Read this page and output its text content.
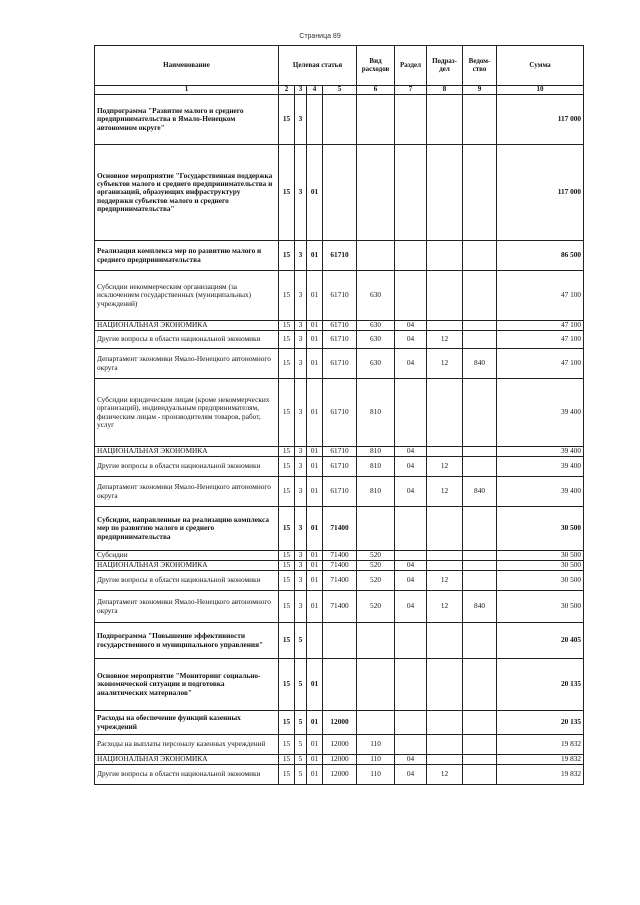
Страница 89
Наименование	Целевая статья				Вид расходов	Раздел	Подраз-дел	Ведом-ство	Сумма
1	2	3	4	5	6	7	8	9	10
Подпрограмма "Развитие малого и среднего предпринимательства в Ямало-Ненецком автономном округе"	15	3							117 000
Основное мероприятие "Государственная поддержка субъектов малого и среднего предпринимательства и организаций, образующих инфраструктуру поддержки субъектов малого и среднего предпринимательства"	15	3	01						117 000
Реализация комплекса мер по развитию малого и среднего предпринимательства	15	3	01	61710					86 500
Субсидии некоммерческим организациям (за исключением государственных (муниципальных) учреждений)	15	3	01	61710	630				47 100
НАЦИОНАЛЬНАЯ ЭКОНОМИКА	15	3	01	61710	630	04			47 100
Другие вопросы в области национальной экономики	15	3	01	61710	630	04	12		47 100
Департамент экономики Ямало-Ненецкого автономного округа	15	3	01	61710	630	04	12	840	47 100
Субсидии юридическим лицам (кроме некоммерческих организаций), индивидуальным предпринимателям, физическим лицам - производителям товаров, работ, услуг	15	3	01	61710	810				39 400
НАЦИОНАЛЬНАЯ ЭКОНОМИКА	15	3	01	61710	810	04			39 400
Другие вопросы в области национальной экономики	15	3	01	61710	810	04	12		39 400
Департамент экономики Ямало-Ненецкого автономного округа	15	3	01	61710	810	04	12	840	39 400
Субсидии, направленные на реализацию комплекса мер по развитию малого и среднего предпринимательства	15	3	01	71400					30 500
Субсидии	15	3	01	71400	520				30 500
НАЦИОНАЛЬНАЯ ЭКОНОМИКА	15	3	01	71400	520	04			30 500
Другие вопросы в области национальной экономики	15	3	01	71400	520	04	12		30 500
Департамент экономики Ямало-Ненецкого автономного округа	15	3	01	71400	520	04	12	840	30 500
Подпрограмма "Повышение эффективности государственного и муниципального управления"	15	5							20 405
Основное мероприятие "Мониторинг социально-экономической ситуации и подготовка аналитических материалов"	15	5	01						20 135
Расходы на обеспечение функций казенных учреждений	15	5	01	12000					20 135
Расходы на выплаты персоналу казенных учреждений	15	5	01	12000	110				19 832
НАЦИОНАЛЬНАЯ ЭКОНОМИКА	15	5	01	12000	110	04			19 832
Другие вопросы в области национальной экономики	15	5	01	12000	110	04	12		19 832
